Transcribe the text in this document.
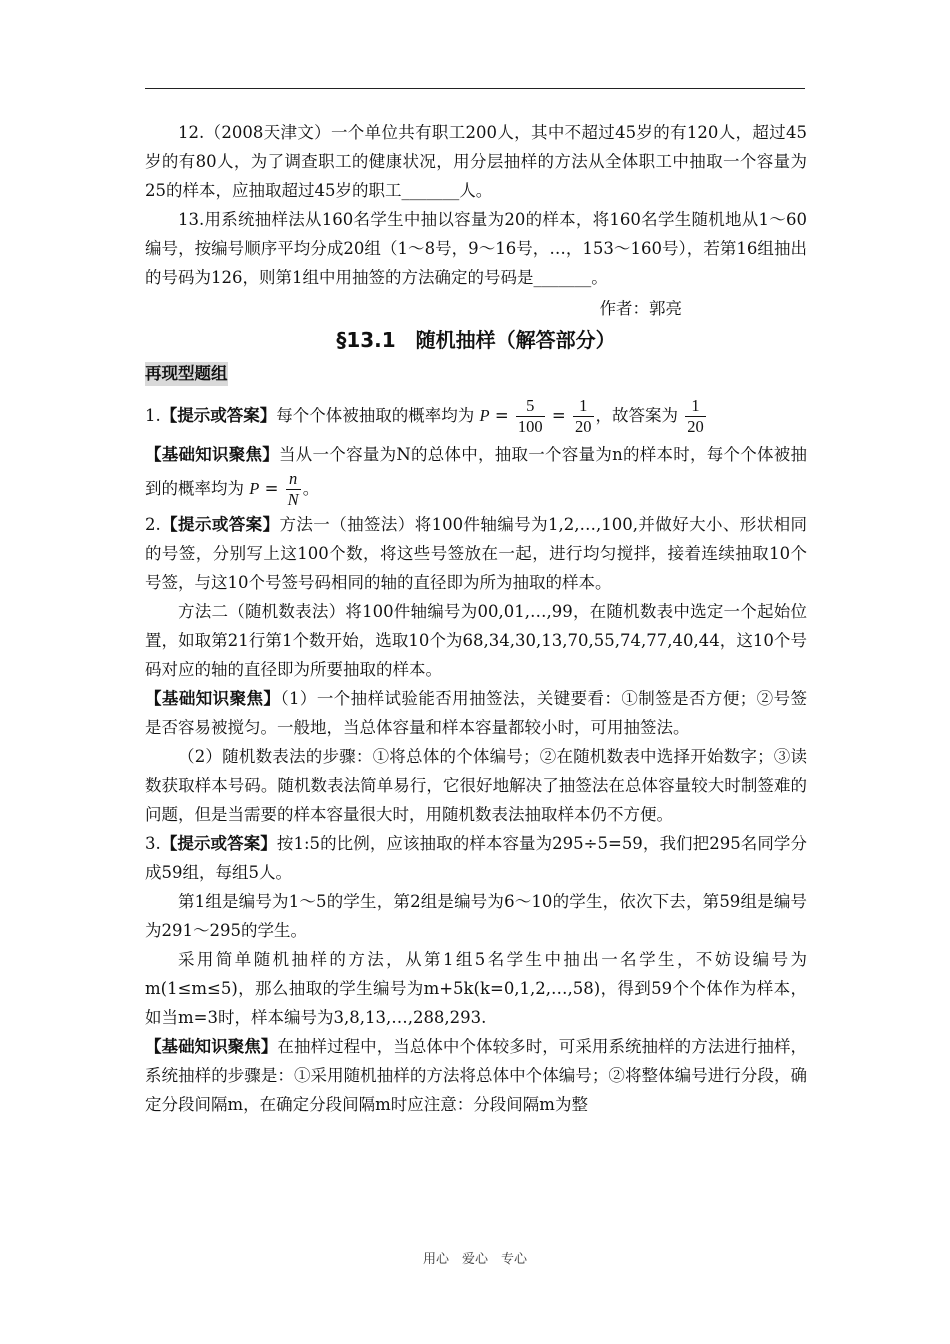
12.（2008天津文）一个单位共有职工200人，其中不超过45岁的有120人，超过45岁的有80人，为了调查职工的健康状况，用分层抽样的方法从全体职工中抽取一个容量为25的样本，应抽取超过45岁的职工_______人。

13.用系统抽样法从160名学生中抽以容量为20的样本，将160名学生随机地从1～60编号，按编号顺序平均分成20组（1～8号，9～16号，…，153～160号），若第16组抽出的号码为126，则第1组中用抽签的方法确定的号码是_______。

作者：郭亮

§13.1　随机抽样（解答部分）

再现型题组

1.【提示或答案】每个个体被抽取的概率均为 $P = \frac{5}{100} = \frac{1}{20}$ ，故答案为 $\frac{1}{20}$

【基础知识聚焦】当从一个容量为N的总体中，抽取一个容量为n的样本时，每个个体被抽到的概率均为 $P = \frac{n}{N}$ 。

2.【提示或答案】方法一（抽签法）将100件轴编号为1,2,…,100,并做好大小、形状相同的号签，分别写上这100个数，将这些号签放在一起，进行均匀搅拌，接着连续抽取10个号签，与这10个号签号码相同的轴的直径即为所为抽取的样本。

方法二（随机数表法）将100件轴编号为00,01,…,99，在随机数表中选定一个起始位置，如取第21行第1个数开始，选取10个为68,34,30,13,70,55,74,77,40,44，这10个号码对应的轴的直径即为所要抽取的样本。

【基础知识聚焦】（1）一个抽样试验能否用抽签法，关键要看：①制签是否方便；②号签是否容易被搅匀。一般地，当总体容量和样本容量都较小时，可用抽签法。

（2）随机数表法的步骤：①将总体的个体编号；②在随机数表中选择开始数字；③读数获取样本号码。随机数表法简单易行，它很好地解决了抽签法在总体容量较大时制签难的问题，但是当需要的样本容量很大时，用随机数表法抽取样本仍不方便。

3.【提示或答案】按1:5的比例，应该抽取的样本容量为295÷5=59，我们把295名同学分成59组，每组5人。

第1组是编号为1～5的学生，第2组是编号为6～10的学生，依次下去，第59组是编号为291～295的学生。

采用简单随机抽样的方法，从第1组5名学生中抽出一名学生，不妨设编号为m(1≤m≤5)，那么抽取的学生编号为m+5k(k=0,1,2,…,58)，得到59个个体作为样本，如当m=3时，样本编号为3,8,13,…,288,293.

【基础知识聚焦】在抽样过程中，当总体中个体较多时，可采用系统抽样的方法进行抽样，系统抽样的步骤是：①采用随机抽样的方法将总体中个体编号；②将整体编号进行分段，确定分段间隔m，在确定分段间隔m时应注意：分段间隔m为整

用心　爱心　专心
